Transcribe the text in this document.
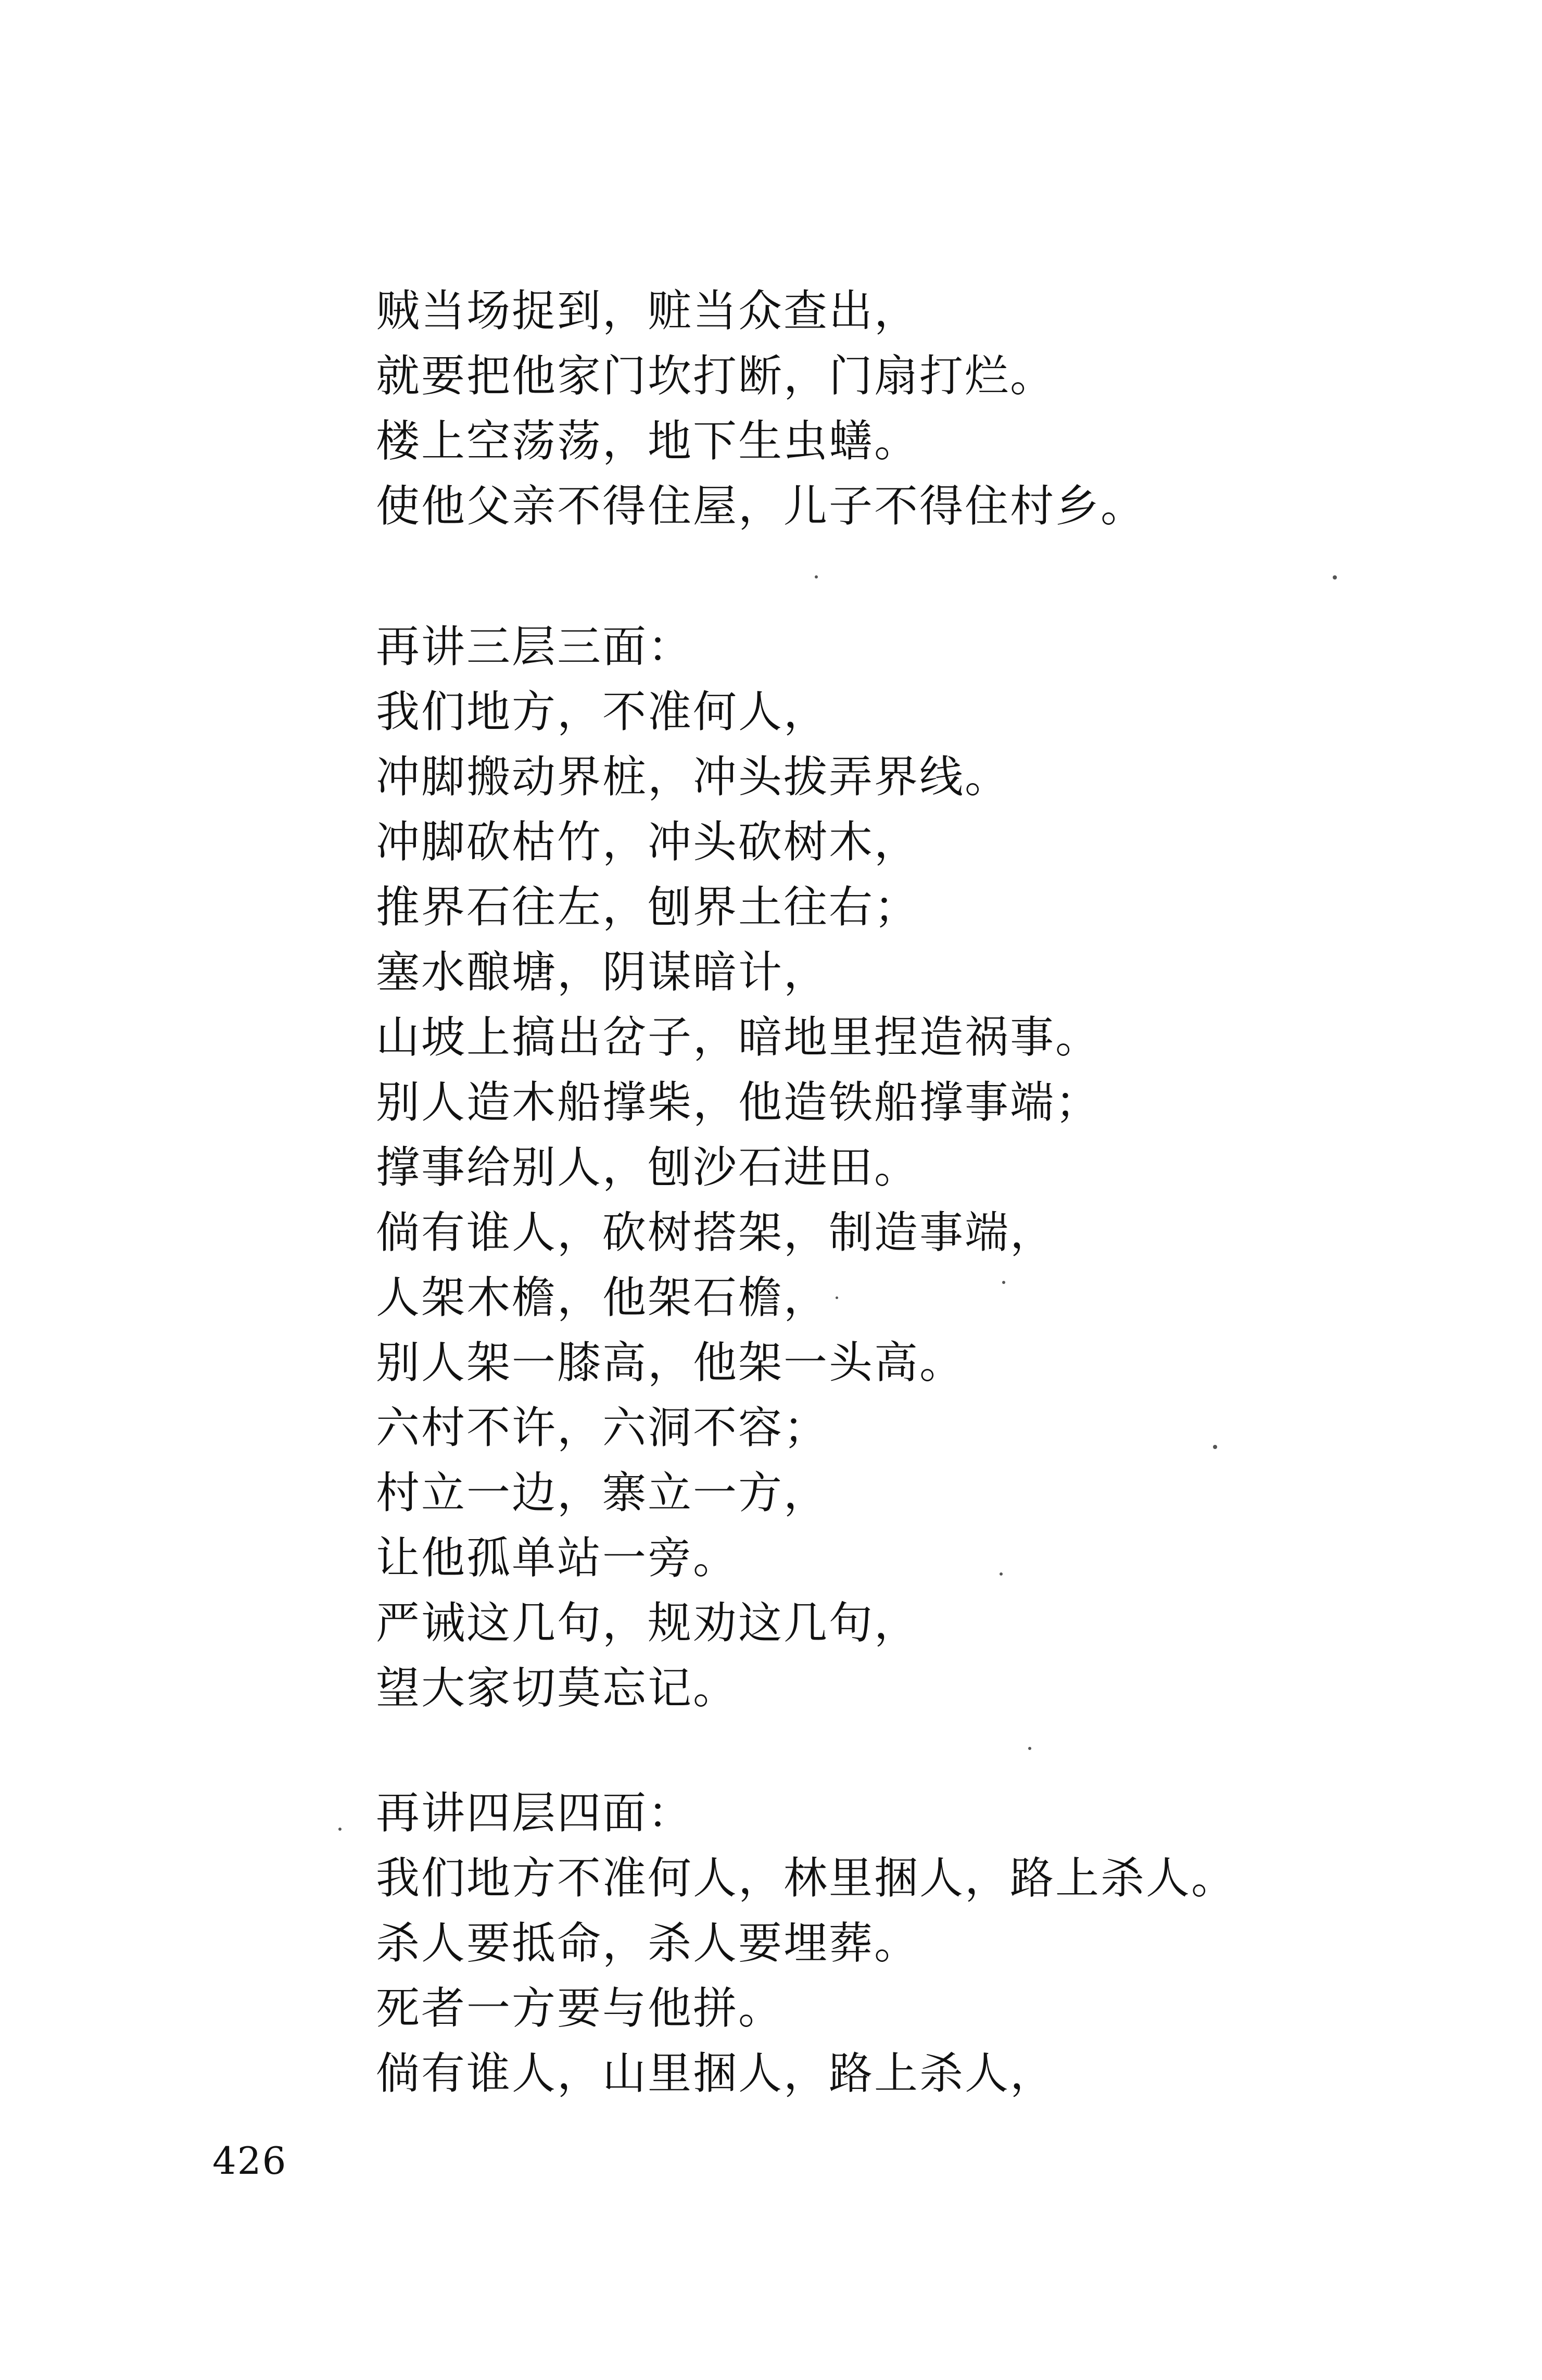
贼当场捉到，赃当众查出，
就要把他家门坎打断，门扇打烂。
楼上空荡荡，地下生虫蟮。
使他父亲不得住屋，儿子不得住村乡。
再讲三层三面：
我们地方，不准何人，
冲脚搬动界桩，冲头拔弄界线。
冲脚砍枯竹，冲头砍树木，
推界石往左，刨界土往右；
塞水酿塘，阴谋暗计，
山坡上搞出岔子，暗地里捏造祸事。
别人造木船撑柴，他造铁船撑事端；
撑事给别人，刨沙石进田。
倘有谁人，砍树搭架，制造事端，
人架木檐，他架石檐，
别人架一膝高，他架一头高。
六村不许，六洞不容；
村立一边，寨立一方，
让他孤单站一旁。
严诫这几句，规劝这几句，
望大家切莫忘记。
再讲四层四面：
我们地方不准何人，林里捆人，路上杀人。
杀人要抵命，杀人要埋葬。
死者一方要与他拼。
倘有谁人，山里捆人，路上杀人，
426
